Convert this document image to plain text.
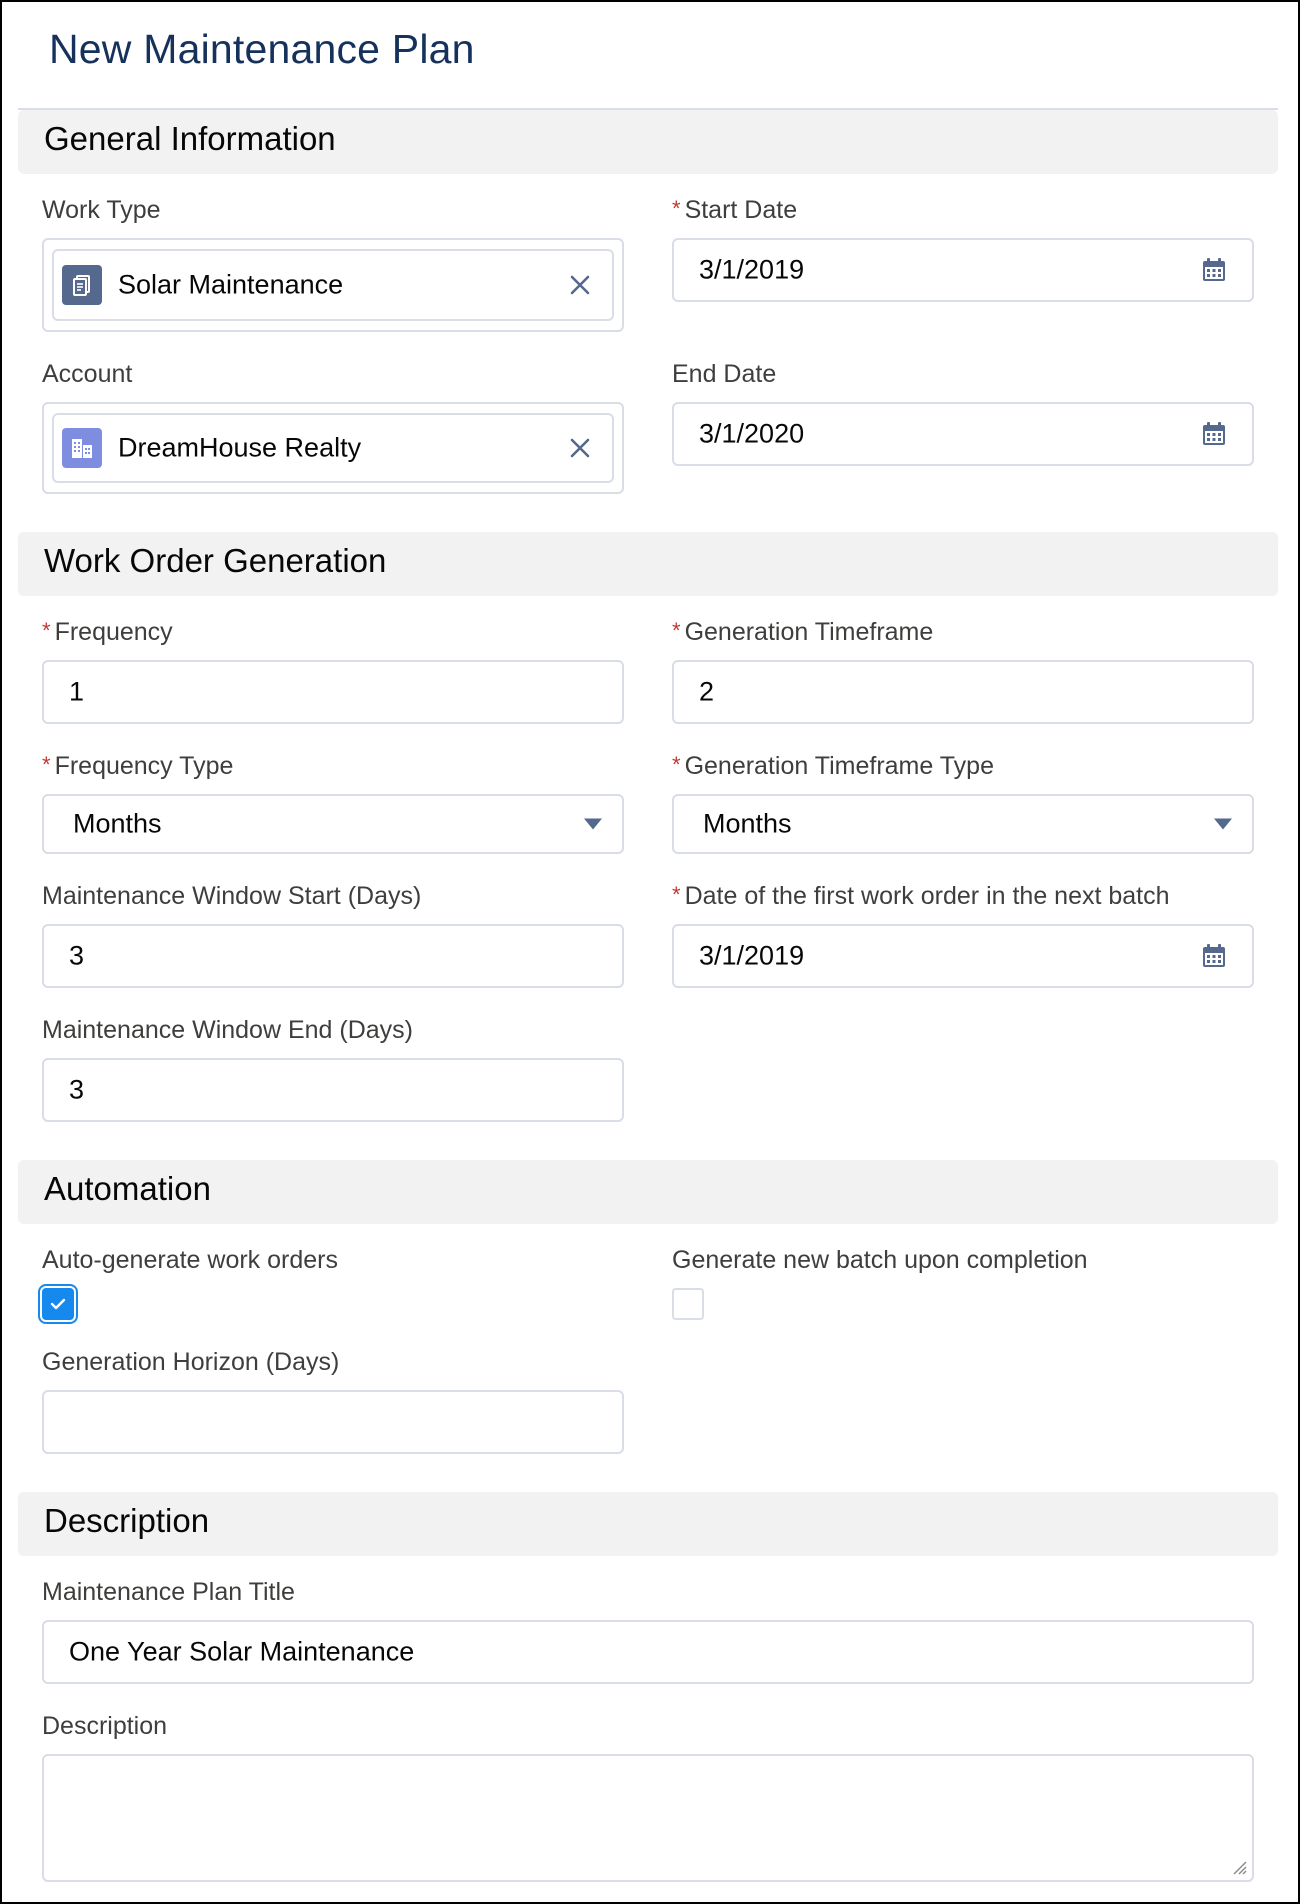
New Maintenance Plan
General Information
Work Type
Solar Maintenance
* Start Date
3/1/2019
Account
DreamHouse Realty
End Date
3/1/2020
Work Order Generation
* Frequency
1
* Generation Timeframe
2
* Frequency Type
Months
* Generation Timeframe Type
Months
Maintenance Window Start (Days)
3
* Date of the first work order in the next batch
3/1/2019
Maintenance Window End (Days)
3
Automation
Auto-generate work orders	Generate new batch upon completion
Generation Horizon (Days)
Description
Maintenance Plan Title
One Year Solar Maintenance
Description
